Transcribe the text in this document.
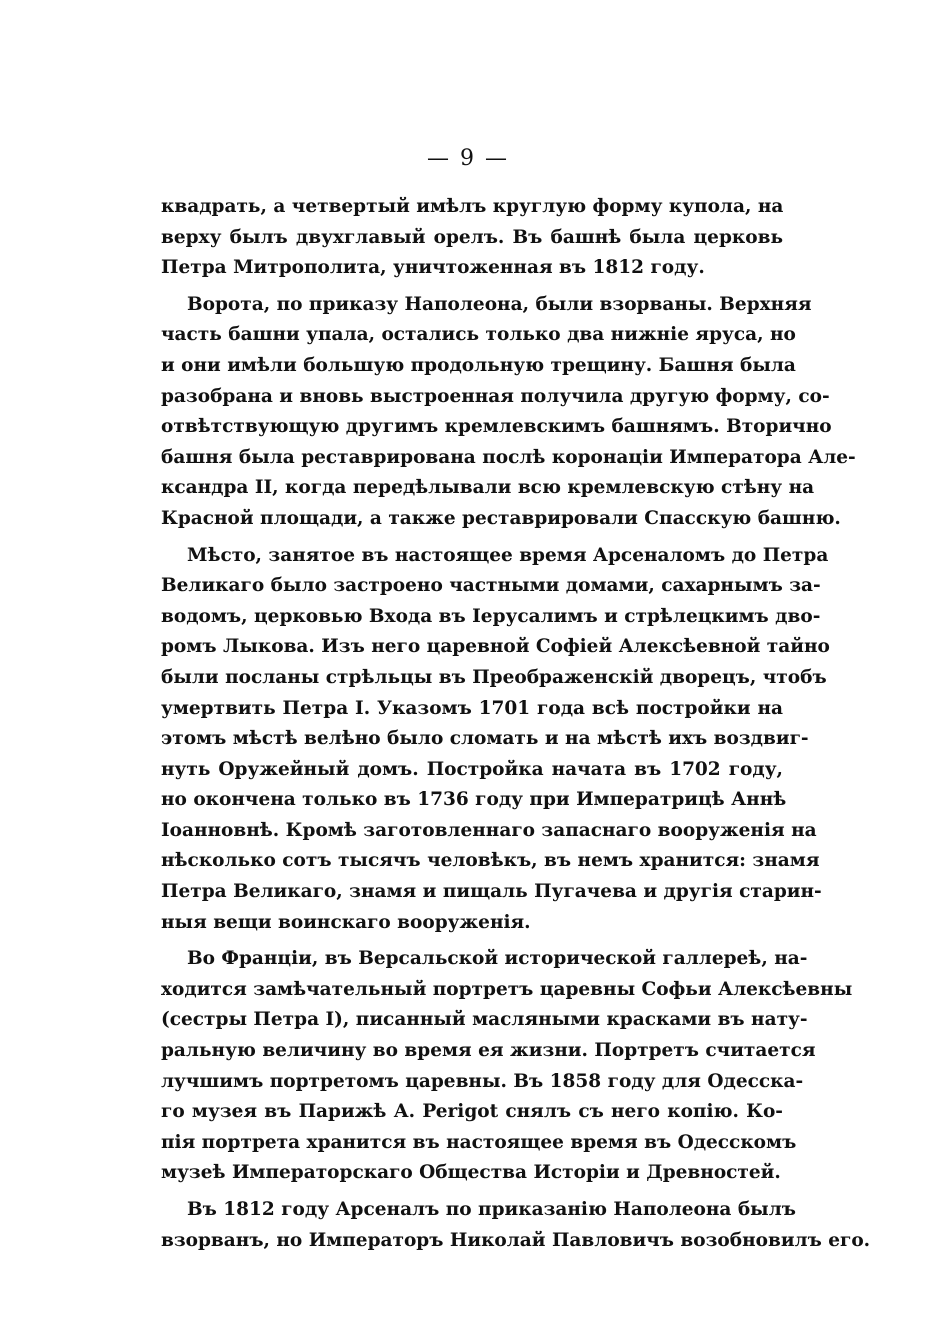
— 9 —
квадрать, а четвертый имѣлъ круглую форму купола, на
верху былъ двухглавый орелъ. Въ башнѣ была церковь
Петра Митрополита, уничтоженная въ 1812 году.
Ворота, по приказу Наполеона, были взорваны. Верхняя
часть башни упала, остались только два нижніе яруса, но
и они имѣли большую продольную трещину. Башня была
разобрана и вновь выстроенная получила другую форму, со-
отвѣтствующую другимъ кремлевскимъ башнямъ. Вторично
башня была реставрирована послѣ коронаціи Императора Але-
ксандра II, когда передѣлывали всю кремлевскую стѣну на
Красной площади, а также реставрировали Спасскую башню.
Мѣсто, занятое въ настоящее время Арсеналомъ до Петра
Великаго было застроено частными домами, сахарнымъ за-
водомъ, церковью Входа въ Іерусалимъ и стрѣлецкимъ дво-
ромъ Лыкова. Изъ него царевной Софіей Алексѣевной тайно
были посланы стрѣльцы въ Преображенскій дворецъ, чтобъ
умертвить Петра I. Указомъ 1701 года всѣ постройки на
этомъ мѣстѣ велѣно было сломать и на мѣстѣ ихъ воздвиг-
нуть Оружейный домъ. Постройка начата въ 1702 году,
но окончена только въ 1736 году при Императрицѣ Аннѣ
Іоанновнѣ. Кромѣ заготовленнаго запаснаго вооруженія на
нѣсколько сотъ тысячъ человѣкъ, въ немъ хранится: знамя
Петра Великаго, знамя и пищаль Пугачева и другія старин-
ныя вещи воинскаго вооруженія.
Во Франціи, въ Версальской исторической галлереѣ, на-
ходится замѣчательный портретъ царевны Софьи Алексѣевны
(сестры Петра I), писанный масляными красками въ нату-
ральную величину во время ея жизни. Портретъ считается
лучшимъ портретомъ царевны. Въ 1858 году для Одесска-
го музея въ Парижѣ А. Perigot снялъ съ него копію. Ко-
пія портрета хранится въ настоящее время въ Одесскомъ
музеѣ Императорскаго Общества Исторіи и Древностей.
Въ 1812 году Арсеналъ по приказанію Наполеона былъ
взорванъ, но Императоръ Николай Павловичъ возобновилъ его.
